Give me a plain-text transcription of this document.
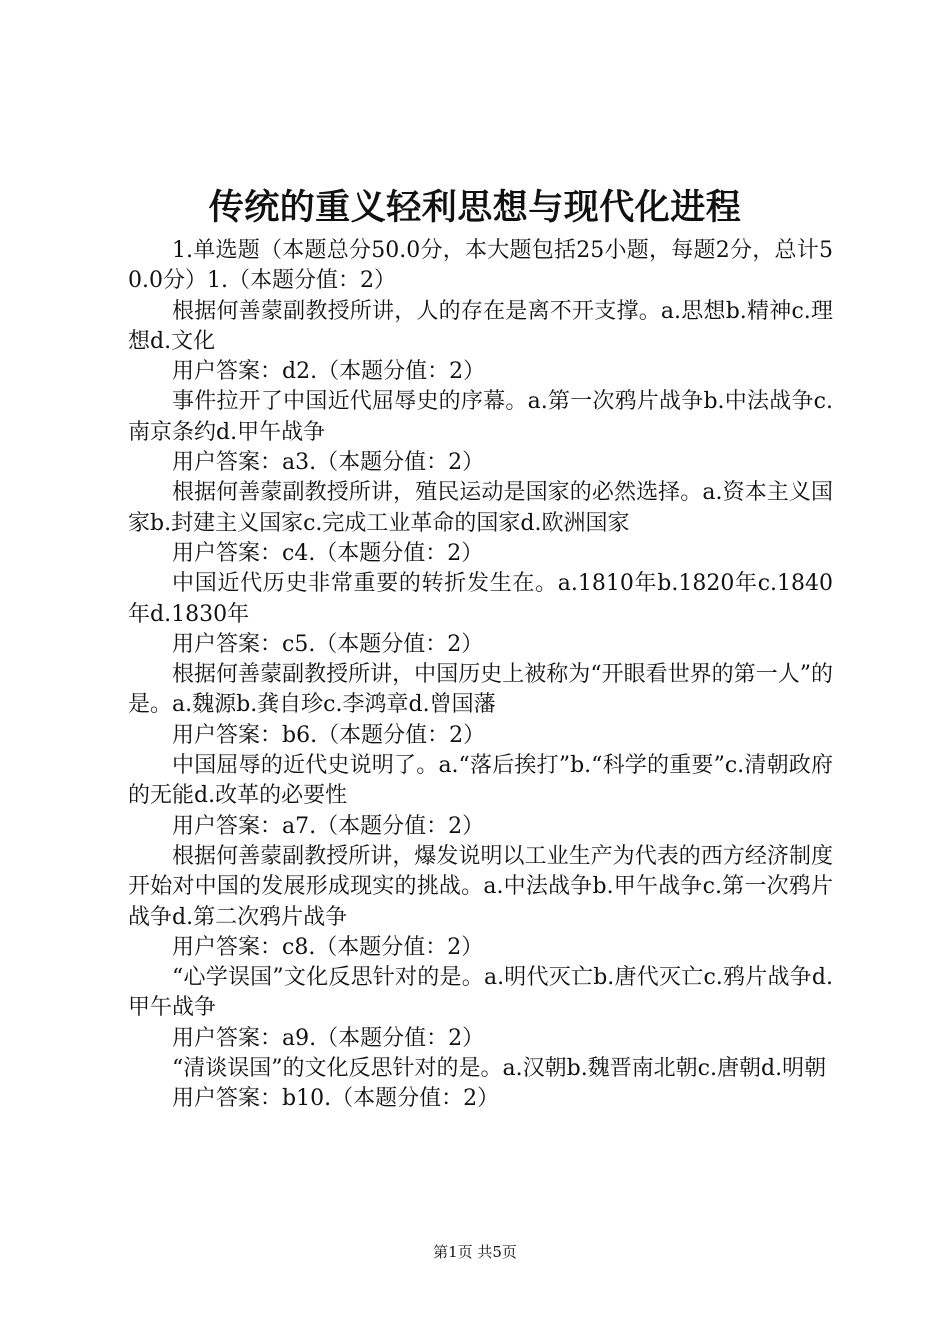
传统的重义轻利思想与现代化进程

1.单选题（本题总分50.0分，本大题包括25小题，每题2分，总计50.0分）1.（本题分值：2）

根据何善蒙副教授所讲，人的存在是离不开支撑。a.思想b.精神c.理想d.文化

用户答案：d2.（本题分值：2）

事件拉开了中国近代屈辱史的序幕。a.第一次鸦片战争b.中法战争c.南京条约d.甲午战争

用户答案：a3.（本题分值：2）

根据何善蒙副教授所讲，殖民运动是国家的必然选择。a.资本主义国家b.封建主义国家c.完成工业革命的国家d.欧洲国家

用户答案：c4.（本题分值：2）

中国近代历史非常重要的转折发生在。a.1810年b.1820年c.1840年d.1830年

用户答案：c5.（本题分值：2）

根据何善蒙副教授所讲，中国历史上被称为“开眼看世界的第一人”的是。a.魏源b.龚自珍c.李鸿章d.曾国藩

用户答案：b6.（本题分值：2）

中国屈辱的近代史说明了。a.“落后挨打”b.“科学的重要”c.清朝政府的无能d.改革的必要性

用户答案：a7.（本题分值：2）

根据何善蒙副教授所讲，爆发说明以工业生产为代表的西方经济制度开始对中国的发展形成现实的挑战。a.中法战争b.甲午战争c.第一次鸦片战争d.第二次鸦片战争

用户答案：c8.（本题分值：2）

“心学误国”文化反思针对的是。a.明代灭亡b.唐代灭亡c.鸦片战争d.甲午战争

用户答案：a9.（本题分值：2）

“清谈误国”的文化反思针对的是。a.汉朝b.魏晋南北朝c.唐朝d.明朝

用户答案：b10.（本题分值：2）

第1页 共5页
